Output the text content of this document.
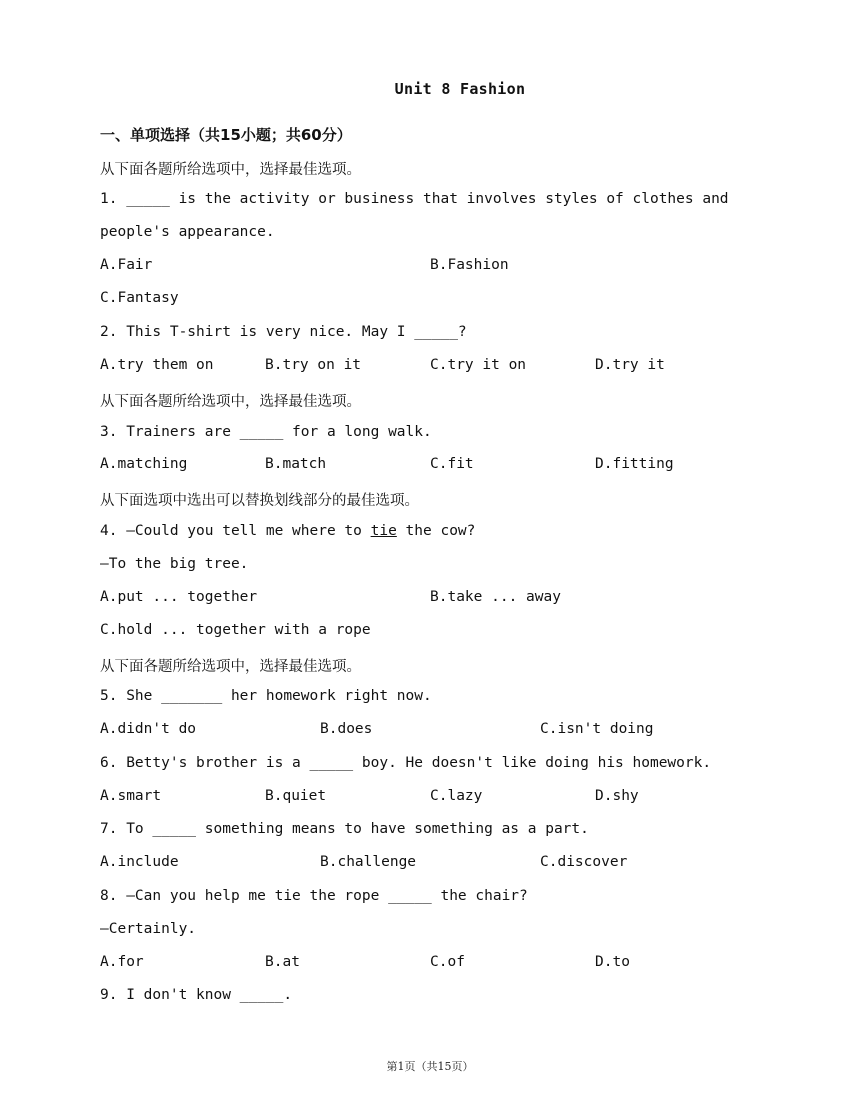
Unit 8 Fashion
一、单项选择（共15小题；共60分）
从下面各题所给选项中，选择最佳选项。
1. _____ is the activity or business that involves styles of clothes and
people's appearance.
A.Fair	B.Fashion
C.Fantasy
2. This T-shirt is very nice. May I _____?
A.try them on	B.try on it	C.try it on	D.try it
从下面各题所给选项中，选择最佳选项。
3. Trainers are _____ for a long walk.
A.matching	B.match	C.fit	D.fitting
从下面选项中选出可以替换划线部分的最佳选项。
4. —Could you tell me where to tie the cow?
—To the big tree.
A.put ... together	B.take ... away
C.hold ... together with a rope
从下面各题所给选项中，选择最佳选项。
5. She _______ her homework right now.
A.didn't do	B.does	C.isn't doing
6. Betty's brother is a _____ boy. He doesn't like doing his homework.
A.smart	B.quiet	C.lazy	D.shy
7. To _____ something means to have something as a part.
A.include	B.challenge	C.discover
8. —Can you help me tie the rope _____ the chair?
—Certainly.
A.for	B.at	C.of	D.to
9. I don't know _____.
第1页（共15页）
